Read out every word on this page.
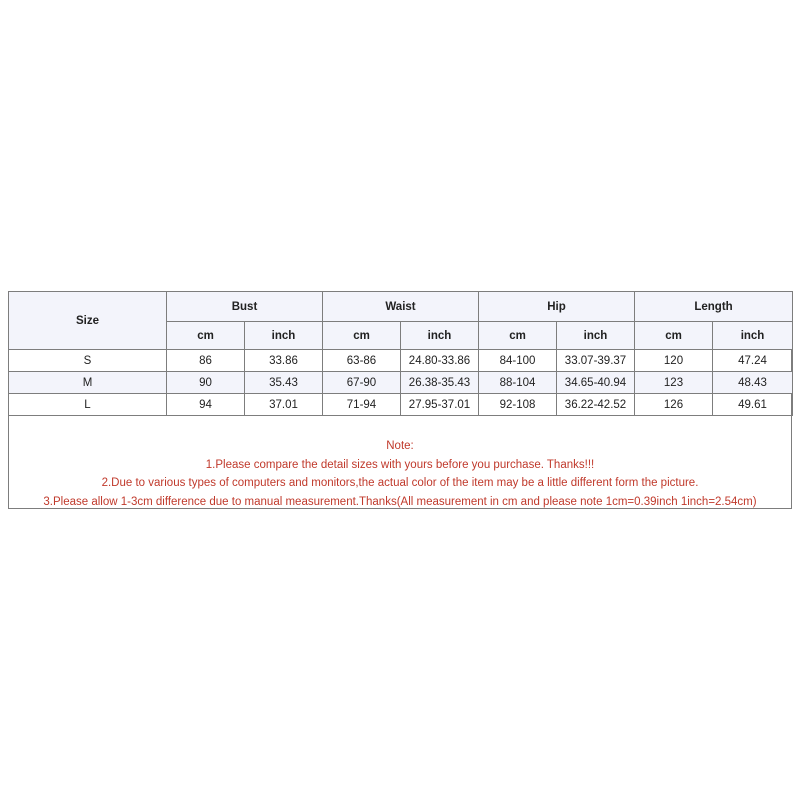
Size	Bust		Waist		Hip		Length	
	cm	inch	cm	inch	cm	inch	cm	inch
S	86	33.86	63-86	24.80-33.86	84-100	33.07-39.37	120	47.24
M	90	35.43	67-90	26.38-35.43	88-104	34.65-40.94	123	48.43
L	94	37.01	71-94	27.95-37.01	92-108	36.22-42.52	126	49.61
Note:
1.Please compare the detail sizes with yours before you purchase. Thanks!!!
2.Due to various types of computers and monitors,the actual color of the item may be a little different form the picture.
3.Please allow 1-3cm difference due to manual measurement.Thanks(All measurement in cm and please note 1cm=0.39inch 1inch=2.54cm)
